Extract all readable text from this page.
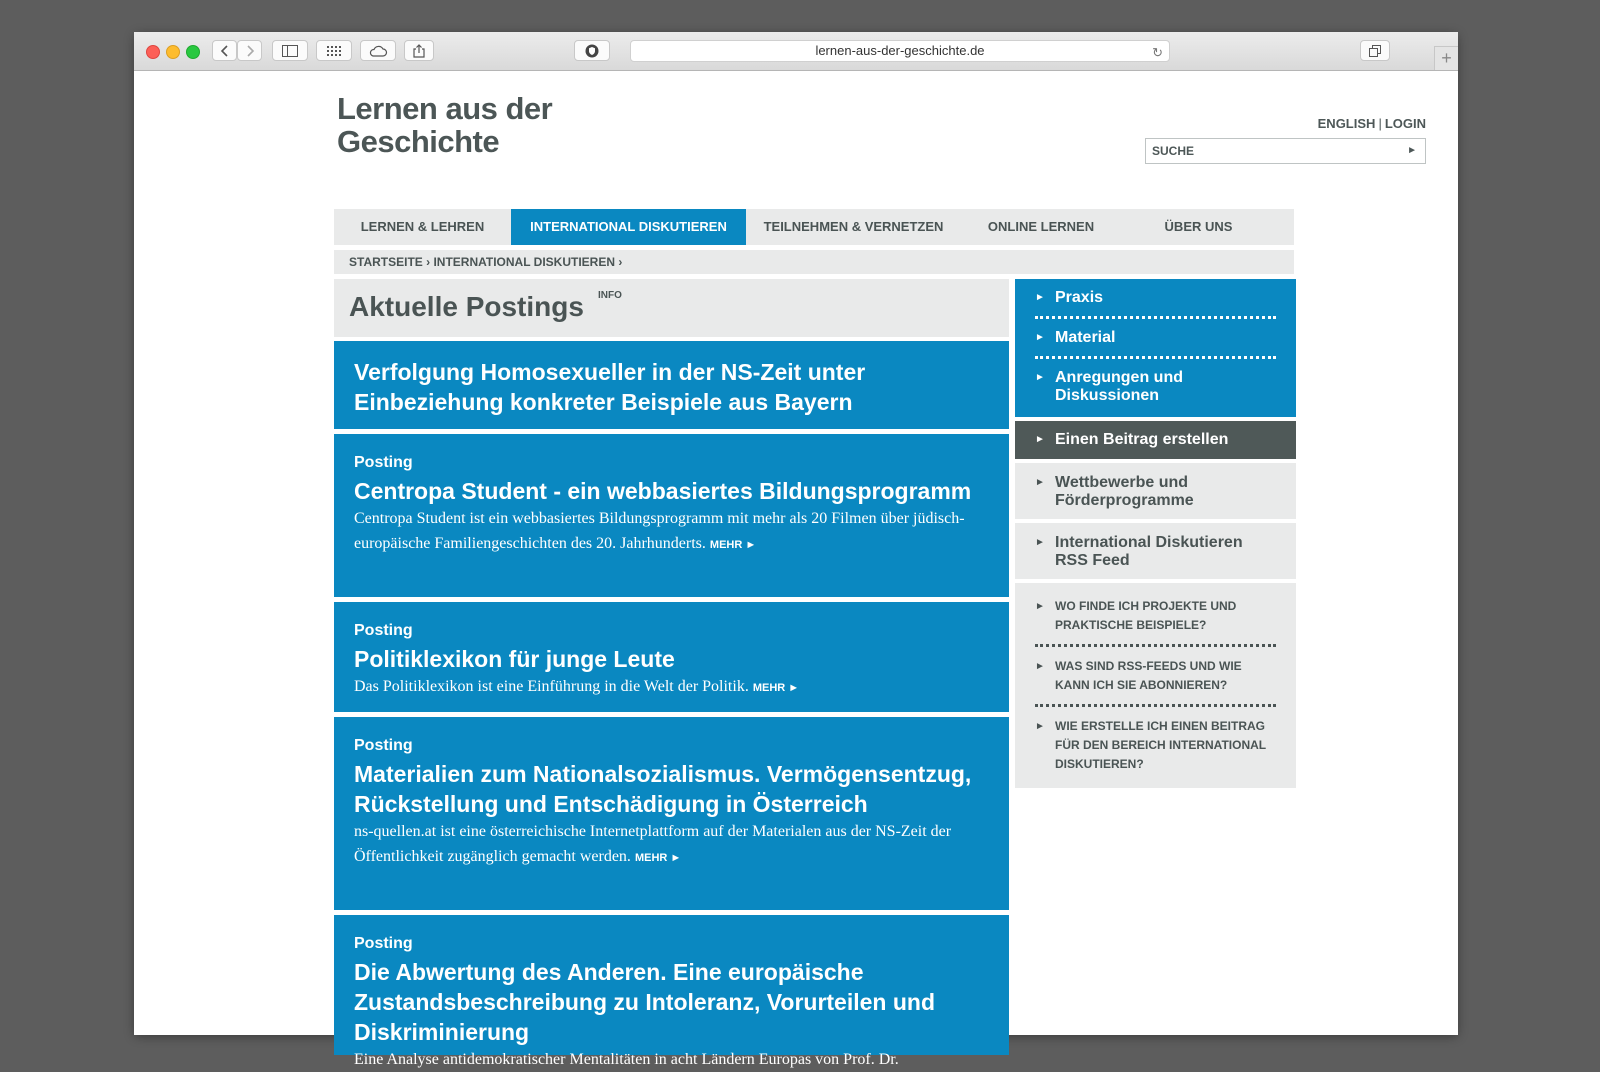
lernen-aus-der-geschichte.de	↻	+
Lernen aus der
Geschichte
ENGLISH | LOGIN
SUCHE
►
LERNEN & LEHREN	INTERNATIONAL DISKUTIEREN	TEILNEHMEN & VERNETZEN	ONLINE LERNEN	ÜBER UNS
STARTSEITE › INTERNATIONAL DISKUTIEREN ›
Aktuelle Postings INFO
Verfolgung Homosexueller in der NS-Zeit unter Einbeziehung konkreter Beispiele aus Bayern
Posting
Centropa Student - ein webbasiertes Bildungsprogramm
Centropa Student ist ein webbasiertes Bildungsprogramm mit mehr als 20 Filmen über jüdisch-europäische Familiengeschichten des 20. Jahrhunderts. MEHR ►
Posting
Politiklexikon für junge Leute
Das Politiklexikon ist eine Einführung in die Welt der Politik. MEHR ►
Posting
Materialien zum Nationalsozialismus. Vermögensentzug, Rückstellung und Entschädigung in Österreich
ns-quellen.at ist eine österreichische Internetplattform auf der Materialen aus der NS-Zeit der Öffentlichkeit zugänglich gemacht werden. MEHR ►
Posting
Die Abwertung des Anderen. Eine europäische Zustandsbeschreibung zu Intoleranz, Vorurteilen und Diskriminierung
Eine Analyse antidemokratischer Mentalitäten in acht Ländern Europas von Prof. Dr.
► Praxis
► Material
► Anregungen und Diskussionen
► Einen Beitrag erstellen
► Wettbewerbe und Förderprogramme
► International Diskutieren RSS Feed
► WO FINDE ICH PROJEKTE UND PRAKTISCHE BEISPIELE?
► WAS SIND RSS-FEEDS UND WIE KANN ICH SIE ABONNIEREN?
► WIE ERSTELLE ICH EINEN BEITRAG FÜR DEN BEREICH INTERNATIONAL DISKUTIEREN?
